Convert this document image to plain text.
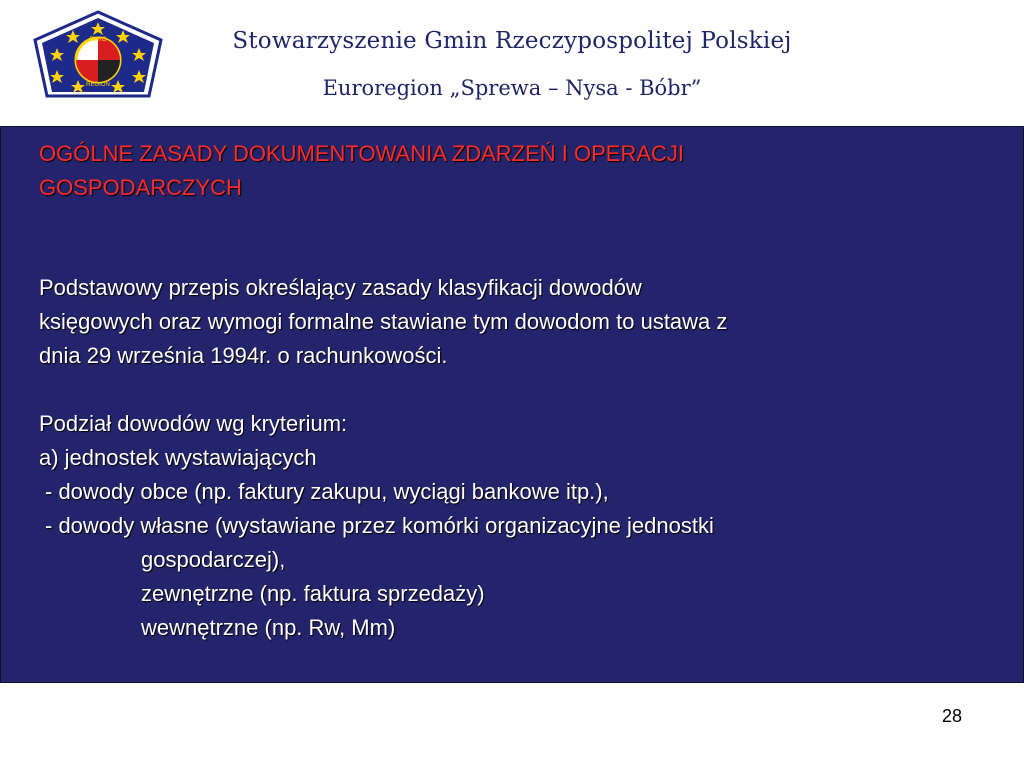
EURO
REGION
Stowarzyszenie Gmin Rzeczypospolitej Polskiej
Euroregion „Sprewa – Nysa - Bóbr”
OGÓLNE ZASADY DOKUMENTOWANIA ZDARZEŃ I OPERACJI
GOSPODARCZYCH
Podstawowy przepis określający zasady klasyfikacji dowodów
księgowych oraz wymogi formalne stawiane tym dowodom to ustawa z
dnia 29 września 1994r. o rachunkowości.
Podział dowodów wg kryterium:
a) jednostek wystawiających
- dowody obce (np. faktury zakupu, wyciągi bankowe itp.),
- dowody własne (wystawiane przez komórki organizacyjne jednostki
gospodarczej),
zewnętrzne (np. faktura sprzedaży)
wewnętrzne (np. Rw, Mm)
28
